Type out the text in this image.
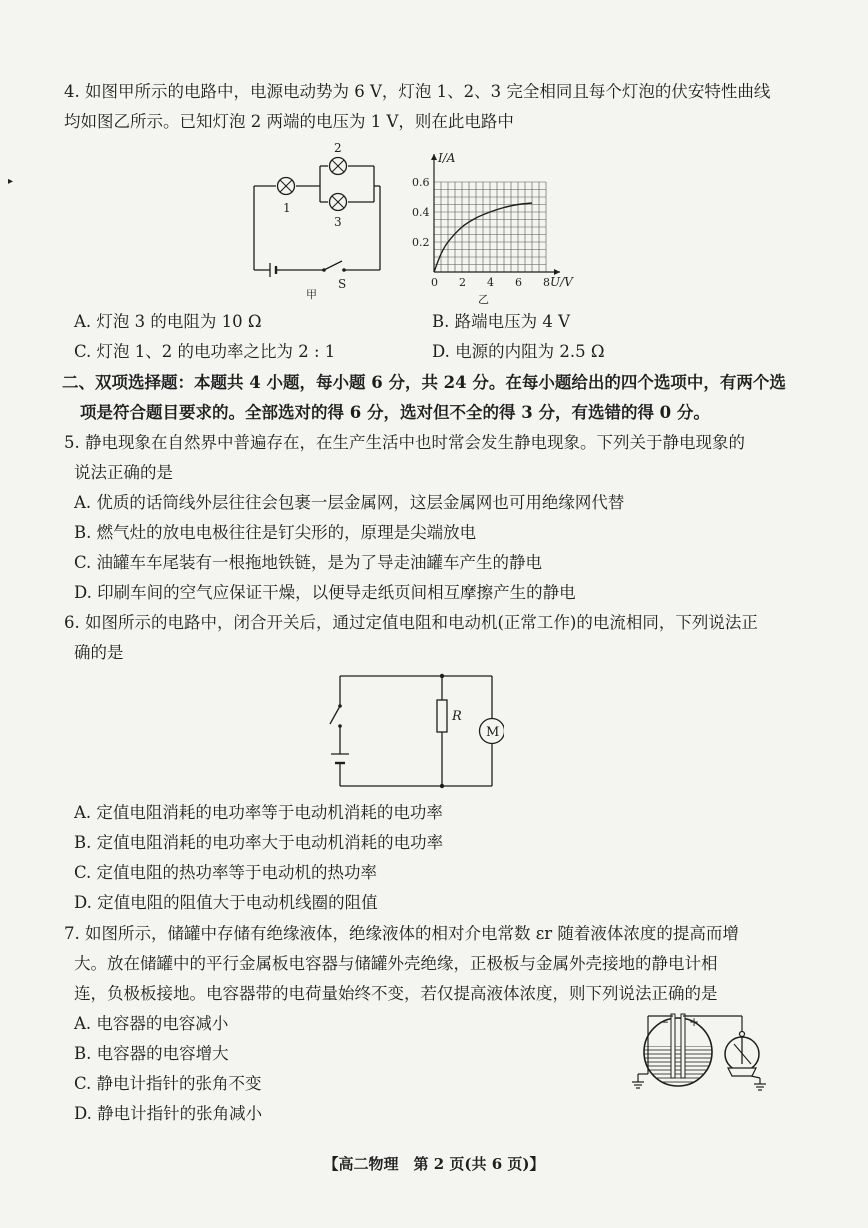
▸
4. 如图甲所示的电路中，电源电动势为 6 V，灯泡 1、2、3 完全相同且每个灯泡的伏安特性曲线
均如图乙所示。已知灯泡 2 两端的电压为 1 V，则在此电路中
1
2
3
S
甲
0 2 4 6 8
0.2
0.4
0.6
I/A
U/V
乙
A. 灯泡 3 的电阻为 10 Ω	B. 路端电压为 4 V
C. 灯泡 1、2 的电功率之比为 2 : 1	D. 电源的内阻为 2.5 Ω
二、双项选择题：本题共 4 小题，每小题 6 分，共 24 分。在每小题给出的四个选项中，有两个选
项是符合题目要求的。全部选对的得 6 分，选对但不全的得 3 分，有选错的得 0 分。
5. 静电现象在自然界中普遍存在，在生产生活中也时常会发生静电现象。下列关于静电现象的
说法正确的是
A. 优质的话筒线外层往往会包裹一层金属网，这层金属网也可用绝缘网代替
B. 燃气灶的放电电极往往是钉尖形的，原理是尖端放电
C. 油罐车车尾装有一根拖地铁链，是为了导走油罐车产生的静电
D. 印刷车间的空气应保证干燥，以便导走纸页间相互摩擦产生的静电
6. 如图所示的电路中，闭合开关后，通过定值电阻和电动机(正常工作)的电流相同，下列说法正
确的是
R
M
A. 定值电阻消耗的电功率等于电动机消耗的电功率
B. 定值电阻消耗的电功率大于电动机消耗的电功率
C. 定值电阻的热功率等于电动机的热功率
D. 定值电阻的阻值大于电动机线圈的阻值
7. 如图所示，储罐中存储有绝缘液体，绝缘液体的相对介电常数 εr 随着液体浓度的提高而增
大。放在储罐中的平行金属板电容器与储罐外壳绝缘，正极板与金属外壳接地的静电计相
连，负极板接地。电容器带的电荷量始终不变，若仅提高液体浓度，则下列说法正确的是
A. 电容器的电容减小
B. 电容器的电容增大
C. 静电计指针的张角不变
D. 静电计指针的张角减小
− +
【高二物理　第 2 页(共 6 页)】
